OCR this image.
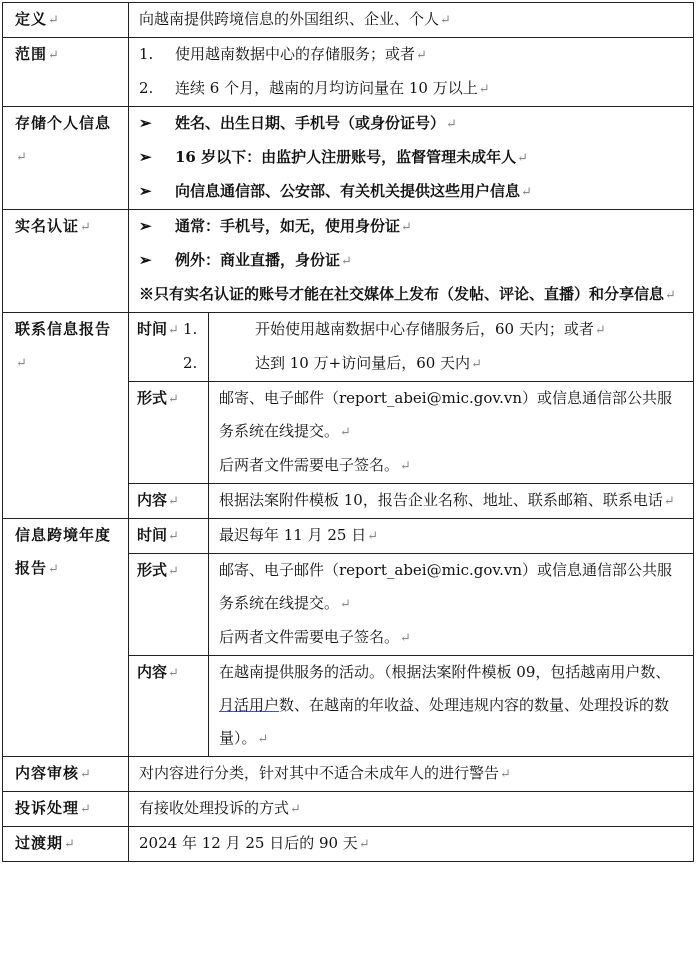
定义↵	向越南提供跨境信息的外国组织、企业、个人↵	
范围↵	1. 使用越南数据中心的存储服务；或者↵
2. 连续 6 个月，越南的月均访问量在 10 万以上↵	

存储个人信息↵	➢ 姓名、出生日期、手机号（或身份证号）↵
➢ 16 岁以下：由监护人注册账号，监督管理未成年人↵
➢ 向信息通信部、公安部、有关机关提供这些用户信息↵	

实名认证↵	➢ 通常：手机号，如无，使用身份证↵
➢ 例外：商业直播，身份证↵
※只有实名认证的账号才能在社交媒体上发布（发帖、评论、直播）和分享信息↵	

联系信息报告↵	时间↵	1. 开始使用越南数据中心存储服务后，60 天内；或者↵
2. 达到 10 万+访问量后，60 天内↵

	形式↵	邮寄、电子邮件（report_abei@mic.gov.vn）或信息通信部公共服务系统在线提交。↵
后两者文件需要电子签名。↵

	内容↵	根据法案附件模板 10，报告企业名称、地址、联系邮箱、联系电话↵
信息跨境年度报告↵	时间↵	最迟每年 11 月 25 日↵
	形式↵	邮寄、电子邮件（report_abei@mic.gov.vn）或信息通信部公共服务系统在线提交。↵
后两者文件需要电子签名。↵

	内容↵	在越南提供服务的活动。（根据法案附件模板 09，包括越南用户数、月活用户数、在越南的年收益、处理违规内容的数量、处理投诉的数量）。↵
内容审核↵	对内容进行分类，针对其中不适合未成年人的进行警告↵	
投诉处理↵	有接收处理投诉的方式↵	
过渡期↵	2024 年 12 月 25 日后的 90 天↵	
